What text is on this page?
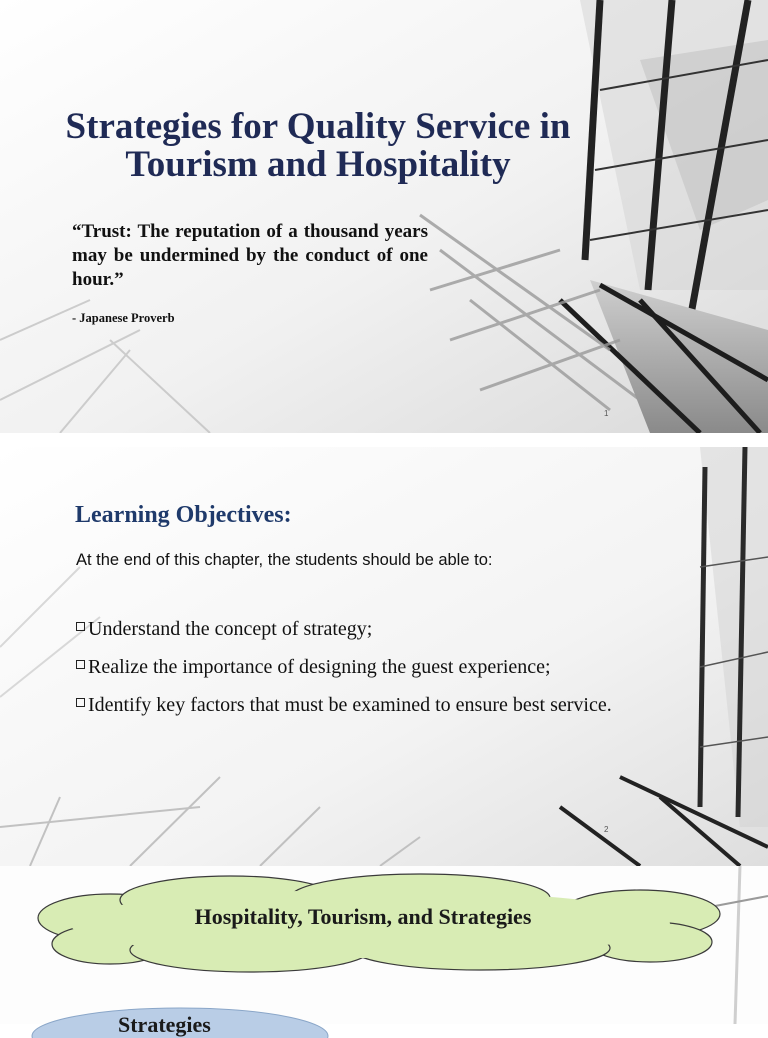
Strategies for Quality Service in
Tourism and Hospitality
“Trust: The reputation of a thousand years may be undermined by the conduct of one hour.”
- Japanese Proverb
1
Learning Objectives:
At the end of this chapter, the students should be able to:
Understand the concept of strategy;
Realize the importance of designing the guest experience;
Identify key factors that must be examined to ensure best service.
2
Hospitality, Tourism, and Strategies
Strategies
